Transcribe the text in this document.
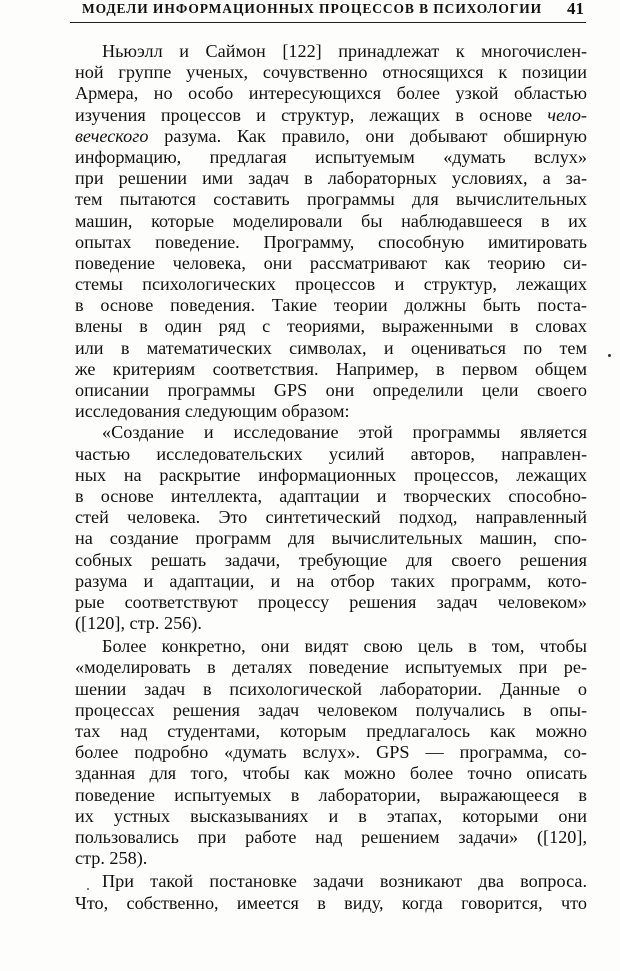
МОДЕЛИ ИНФОРМАЦИОННЫХ ПРОЦЕССОВ В ПСИХОЛОГИИ 41
Ньюэлл и Саймон [122] принадлежат к многочислен-
ной группе ученых, сочувственно относящихся к позиции
Армера, но особо интересующихся более узкой областью
изучения процессов и структур, лежащих в основе чело-
веческого разума. Как правило, они добывают обширную
информацию, предлагая испытуемым «думать вслух»
при решении ими задач в лабораторных условиях, а за-
тем пытаются составить программы для вычислительных
машин, которые моделировали бы наблюдавшееся в их
опытах поведение. Программу, способную имитировать
поведение человека, они рассматривают как теорию си-
стемы психологических процессов и структур, лежащих
в основе поведения. Такие теории должны быть поста-
влены в один ряд с теориями, выраженными в словах
или в математических символах, и оцениваться по тем
же критериям соответствия. Например, в первом общем
описании программы GPS они определили цели своего
исследования следующим образом:
«Создание и исследование этой программы является
частью исследовательских усилий авторов, направлен-
ных на раскрытие информационных процессов, лежащих
в основе интеллекта, адаптации и творческих способно-
стей человека. Это синтетический подход, направленный
на создание программ для вычислительных машин, спо-
собных решать задачи, требующие для своего решения
разума и адаптации, и на отбор таких программ, кото-
рые соответствуют процессу решения задач человеком»
([120], стр. 256).
Более конкретно, они видят свою цель в том, чтобы
«моделировать в деталях поведение испытуемых при ре-
шении задач в психологической лаборатории. Данные о
процессах решения задач человеком получались в опы-
тах над студентами, которым предлагалось как можно
более подробно «думать вслух». GPS — программа, со-
зданная для того, чтобы как можно более точно описать
поведение испытуемых в лаборатории, выражающееся в
их устных высказываниях и в этапах, которыми они
пользовались при работе над решением задачи» ([120],
стр. 258).
При такой постановке задачи возникают два вопроса.
Что, собственно, имеется в виду, когда говорится, что
